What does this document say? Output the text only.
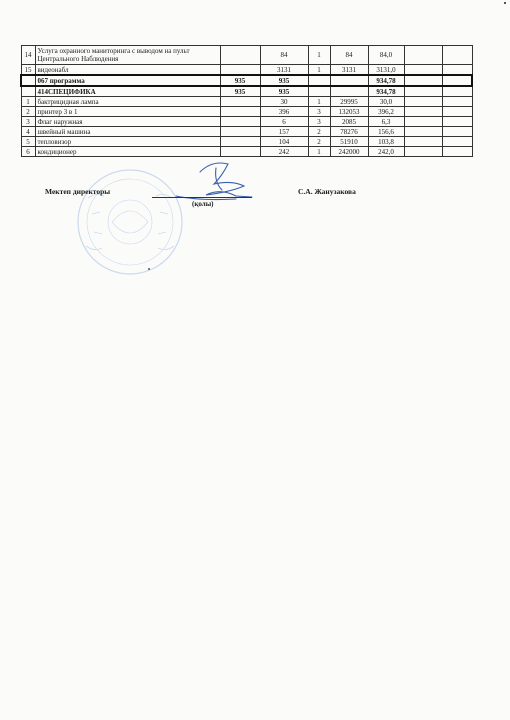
14	Услуга охранного маниторинга с выводом на пульт Центрального Наблюдения		84	1	84	84,0		
15	видеонабл		3131	1	3131	3131,0		
	067 программа	935	935			934,78		
	414СПЕЦИФИКА	935	935			934,78		
1	бактрицидная лампа		30	1	29995	30,0		
2	принтер 3 в 1		396	3	132053	396,2		
3	Флаг наружная		6	3	2085	6,3		
4	швейный машина		157	2	78276	156,6		
5	тепловизор		104	2	51910	103,8		
6	кондиционер		242	1	242000	242,0		
Мектеп директоры
(қолы)
С.А. Жанузакова
